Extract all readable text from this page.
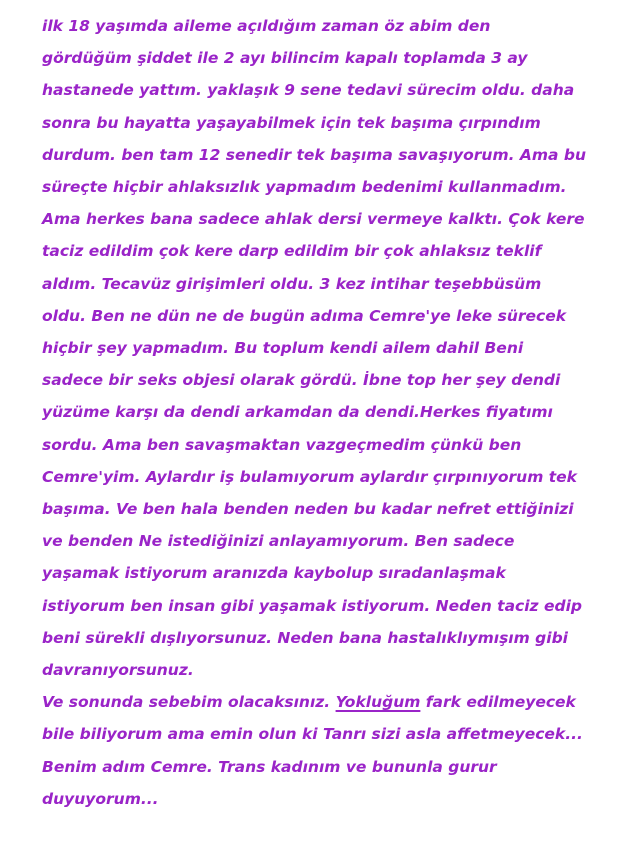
ilk 18 yaşımda aileme açıldığım zaman öz abim den
gördüğüm şiddet ile 2 ayı bilincim kapalı toplamda 3 ay
hastanede yattım. yaklaşık 9 sene tedavi sürecim oldu. daha
sonra bu hayatta yaşayabilmek için tek başıma çırpındım
durdum. ben tam 12 senedir tek başıma savaşıyorum. Ama bu
süreçte hiçbir ahlaksızlık yapmadım bedenimi kullanmadım.
Ama herkes bana sadece ahlak dersi vermeye kalktı. Çok kere
taciz edildim çok kere darp edildim bir çok ahlaksız teklif
aldım. Tecavüz girişimleri oldu. 3 kez intihar teşebbüsüm
oldu. Ben ne dün ne de bugün adıma Cemre'ye leke sürecek
hiçbir şey yapmadım. Bu toplum kendi ailem dahil Beni
sadece bir seks objesi olarak gördü. İbne top her şey dendi
yüzüme karşı da dendi arkamdan da dendi.Herkes fiyatımı
sordu. Ama ben savaşmaktan vazgeçmedim çünkü ben
Cemre'yim. Aylardır iş bulamıyorum aylardır çırpınıyorum tek
başıma. Ve ben hala benden neden bu kadar nefret ettiğinizi
ve benden Ne istediğinizi anlayamıyorum. Ben sadece
yaşamak istiyorum aranızda kaybolup sıradanlaşmak
istiyorum ben insan gibi yaşamak istiyorum. Neden taciz edip
beni sürekli dışlıyorsunuz. Neden bana hastalıklıymışım gibi
davranıyorsunuz.
Ve sonunda sebebim olacaksınız. Yokluğum fark edilmeyecek
bile biliyorum ama emin olun ki Tanrı sizi asla affetmeyecek...
Benim adım Cemre. Trans kadınım ve bununla gurur
duyuyorum...
